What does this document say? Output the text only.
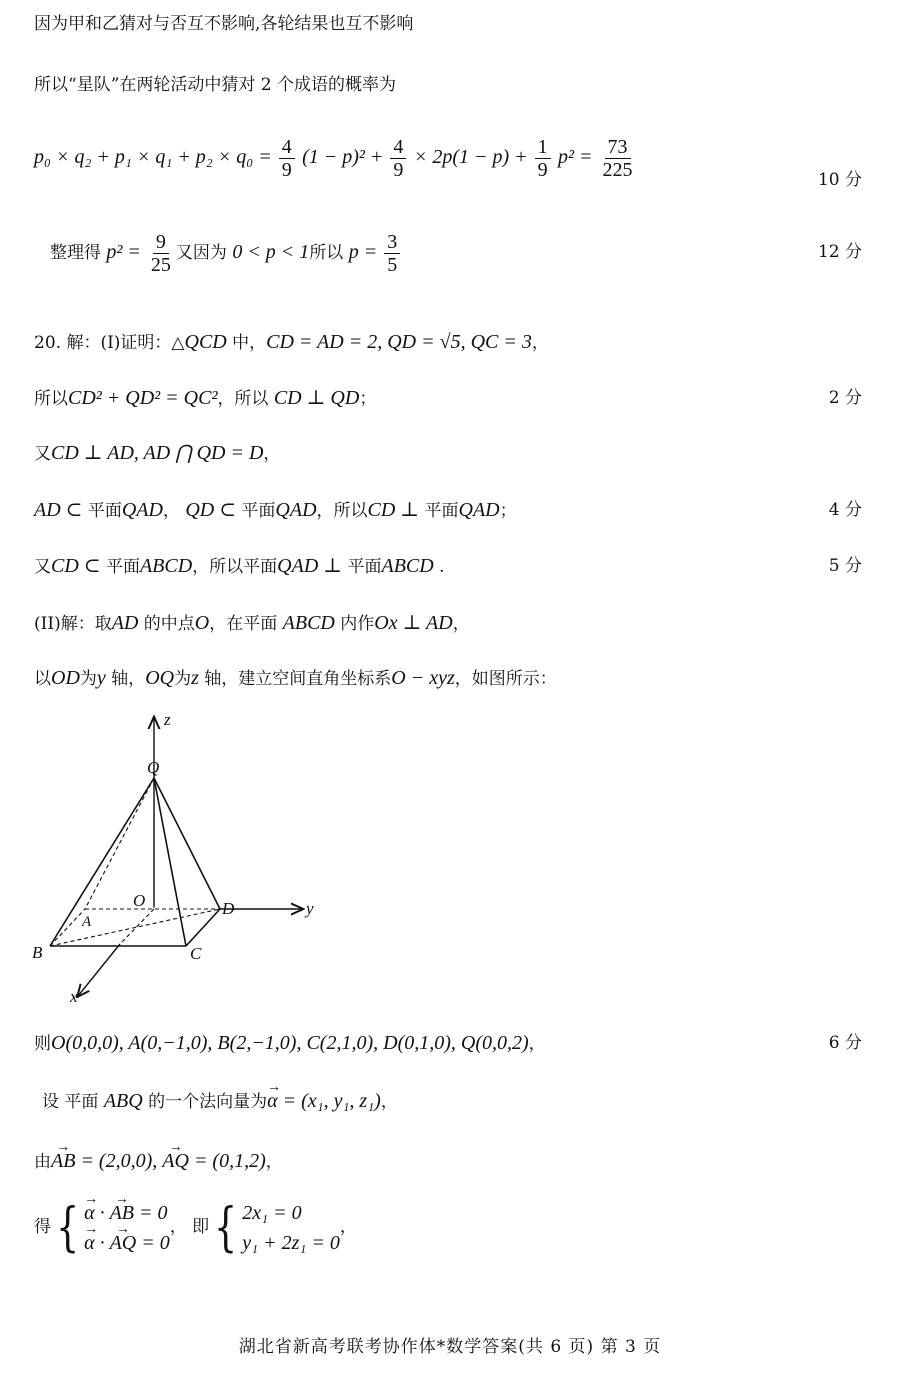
因为甲和乙猜对与否互不影响,各轮结果也互不影响
所以“星队”在两轮活动中猜对 2 个成语的概率为
$p_0 \times q_2 + p_1 \times q_1 + p_2 \times q_0 = \frac{4}{9} (1 - p)^2 + \frac{4}{9} \times 2p(1 - p) + \frac{1}{9} p^2 = \frac{73}{225}$	10 分
整理得 $p^2 = \frac{9}{25}$ 又因为 0 < p < 1所以 $p = \frac{3}{5}$	12 分
20. 解：(I)证明：△QCD 中，CD = AD = 2, QD = √5, QC = 3，
所以CD² + QD² = QC²，所以 CD ⊥ QD；	2 分
又CD ⊥ AD, AD ⋂ QD = D，
AD ⊂ 平面QAD， QD ⊂ 平面QAD，所以CD ⊥ 平面QAD；	4 分
又CD ⊂ 平面ABCD，所以平面QAD ⊥ 平面ABCD .	5 分
(II)解：取AD 的中点O，在平面 ABCD 内作Ox ⊥ AD，
以OD为y 轴，OQ为z 轴，建立空间直角坐标系O − xyz，如图所示：
z
y
x
Q
O
A
B	C
D
则O(0,0,0), A(0,−1,0), B(2,−1,0), C(2,1,0), D(0,1,0), Q(0,0,2)，	6 分
设 平面 ABQ 的一个法向量为→ α = (x₁, y₁, z₁)，
由→ AB = (2,0,0), → AQ = (0,1,2)，
得{ → α · → AB = 0
→ α · → AQ = 0
， 即{ 2x₁ = 0
y₁ + 2z₁ = 0
，
湖北省新高考联考协作体*数学答案(共 6 页) 第 3 页
